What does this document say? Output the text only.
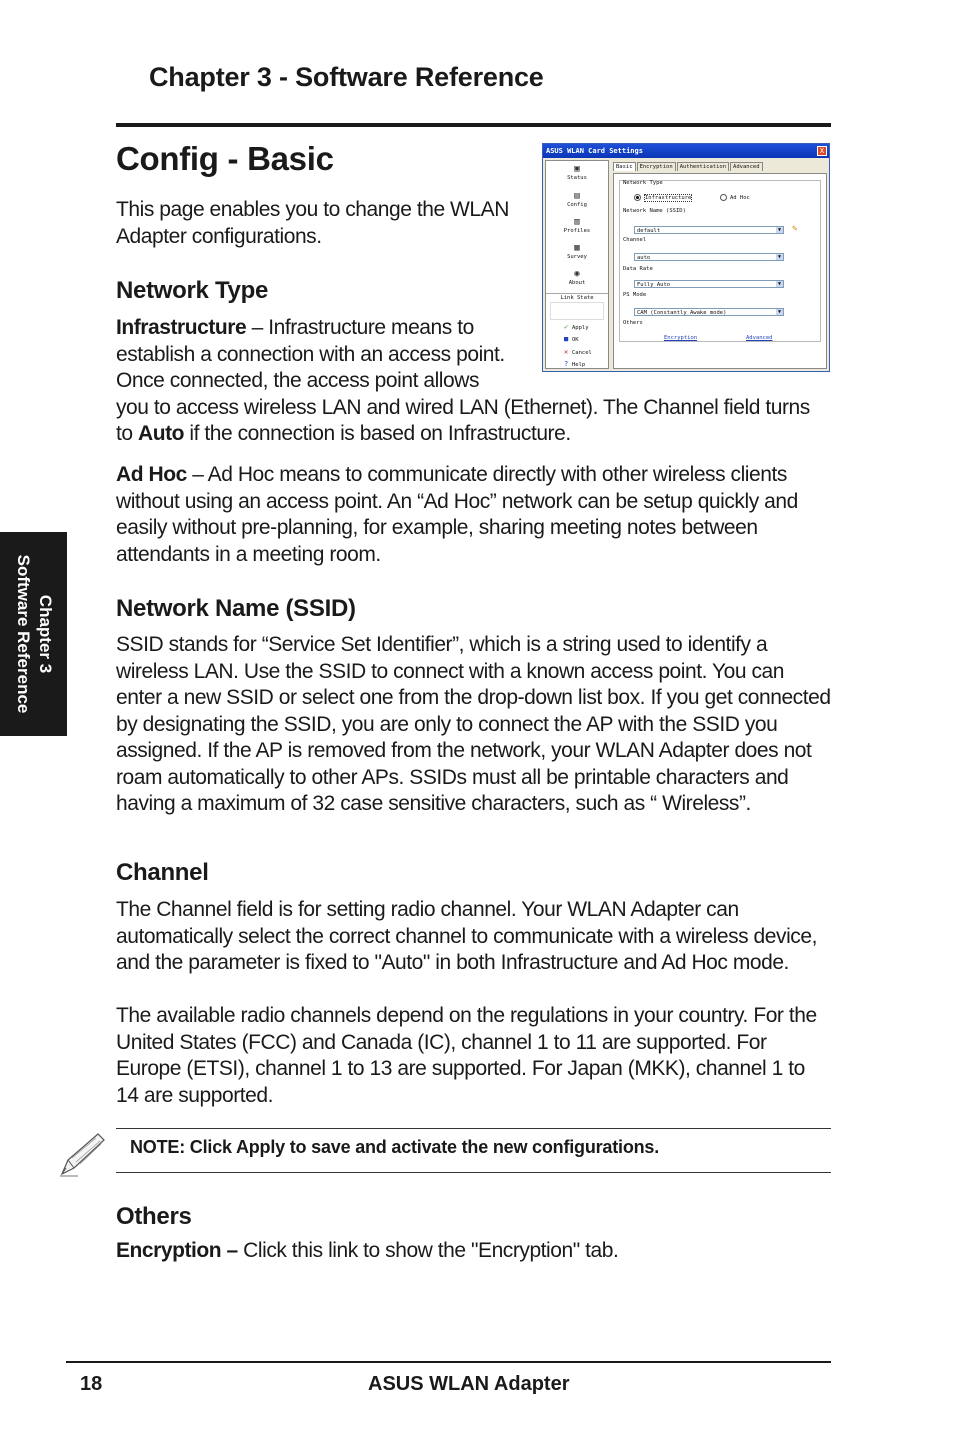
Chapter 3 - Software Reference
Config - Basic

This page enables you to change the WLAN Adapter configurations.

Network Type

Infrastructure – Infrastructure means to establish a connection with an access point. Once connected, the access point allows you to access wireless LAN and wired LAN (Ethernet). The Channel field turns to Auto if the connection is based on Infrastructure.

Ad Hoc – Ad Hoc means to communicate directly with other wireless clients without using an access point. An “Ad Hoc” network can be setup quickly and easily without pre-planning, for example, sharing meeting notes between attendants in a meeting room.

Network Name (SSID)

SSID stands for “Service Set Identifier”, which is a string used to identify a wireless LAN. Use the SSID to connect with a known access point. You can enter a new SSID or select one from the drop-down list box. If you get connected by designating the SSID, you are only to connect the AP with the SSID you assigned. If the AP is removed from the network, your WLAN Adapter does not roam automatically to other APs. SSIDs must all be printable characters and having a maximum of 32 case sensitive characters, such as “ Wireless”.

Channel

The Channel field is for setting radio channel. Your WLAN Adapter can automatically select the correct channel to communicate with a wireless device, and the parameter is fixed to "Auto" in both Infrastructure and Ad Hoc mode.

The available radio channels depend on the regulations in your country. For the United States (FCC) and Canada (IC), channel 1 to 11 are supported. For Europe (ETSI), channel 1 to 13 are supported. For Japan (MKK), channel 1 to 14 are supported.

NOTE: Click Apply to save and activate the new configurations.
Others

Encryption – Click this link to show the "Encryption" tab.

Chapter 3
Software Reference
18	ASUS WLAN Adapter
ASUS WLAN Card Settings	X
▣
Status
▤
Config
▥
Profiles
▦
Survey
◉
About
Link State
✓ Apply
■ OK
✕ Cancel
? Help
Basic Encryption Authentication Advanced
Network Type
Infrastructure	Ad Hoc
Network Name (SSID)
default	▼ ✎
Channel
auto	▼
Data Rate
Fully Auto	▼
PS Mode
CAM (Constantly Awake mode)	▼
Others
Encryption	Advanced
